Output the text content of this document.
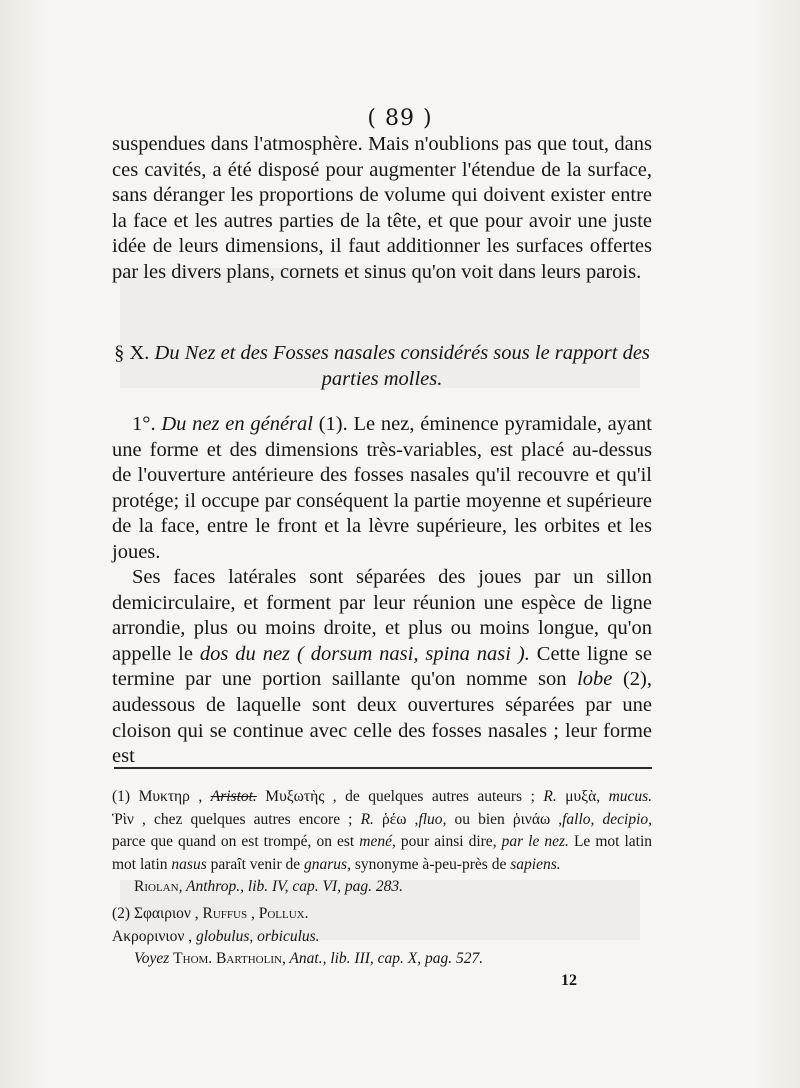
( 89 )

suspendues dans l'atmosphère. Mais n'oublions pas que tout, dans ces cavités, a été disposé pour augmenter l'étendue de la surface, sans déranger les proportions de volume qui doivent exister entre la face et les autres parties de la tête, et que pour avoir une juste idée de leurs dimensions, il faut additionner les surfaces offertes par les divers plans, cornets et sinus qu'on voit dans leurs parois.

§ X. Du Nez et des Fosses nasales considérés sous le rapport des parties molles.

1°. Du nez en général (1). Le nez, éminence pyramidale, ayant une forme et des dimensions très-variables, est placé au-dessus de l'ouverture antérieure des fosses nasales qu'il recouvre et qu'il protége; il occupe par conséquent la partie moyenne et supérieure de la face, entre le front et la lèvre supérieure, les orbites et les joues.

Ses faces latérales sont séparées des joues par un sillon demicirculaire, et forment par leur réunion une espèce de ligne arrondie, plus ou moins droite, et plus ou moins longue, qu'on appelle le dos du nez ( dorsum nasi, spina nasi ). Cette ligne se termine par une portion saillante qu'on nomme son lobe (2), audessous de laquelle sont deux ouvertures séparées par une cloison qui se continue avec celle des fosses nasales ; leur forme est

(1) Μυκτηρ , Aristot. Μυξωτὴς , de quelques autres auteurs ; R. μυξὰ, mucus.
Ῥὶν , chez quelques autres encore ; R. ῥέω ,fluo, ou bien ῥινάω ,fallo, decipio,
parce que quand on est trompé, on est mené, pour ainsi dire, par le nez. Le mot latin
mot latin nasus paraît venir de gnarus, synonyme à-peu-près de sapiens.
Riolan, Anthrop., lib. IV, cap. VI, pag. 283.
(2) Σφαιριον , Ruffus , Pollux.
Ακρορινιον , globulus, orbiculus.
Voyez Thom. Bartholin, Anat., lib. III, cap. X, pag. 527.
12
